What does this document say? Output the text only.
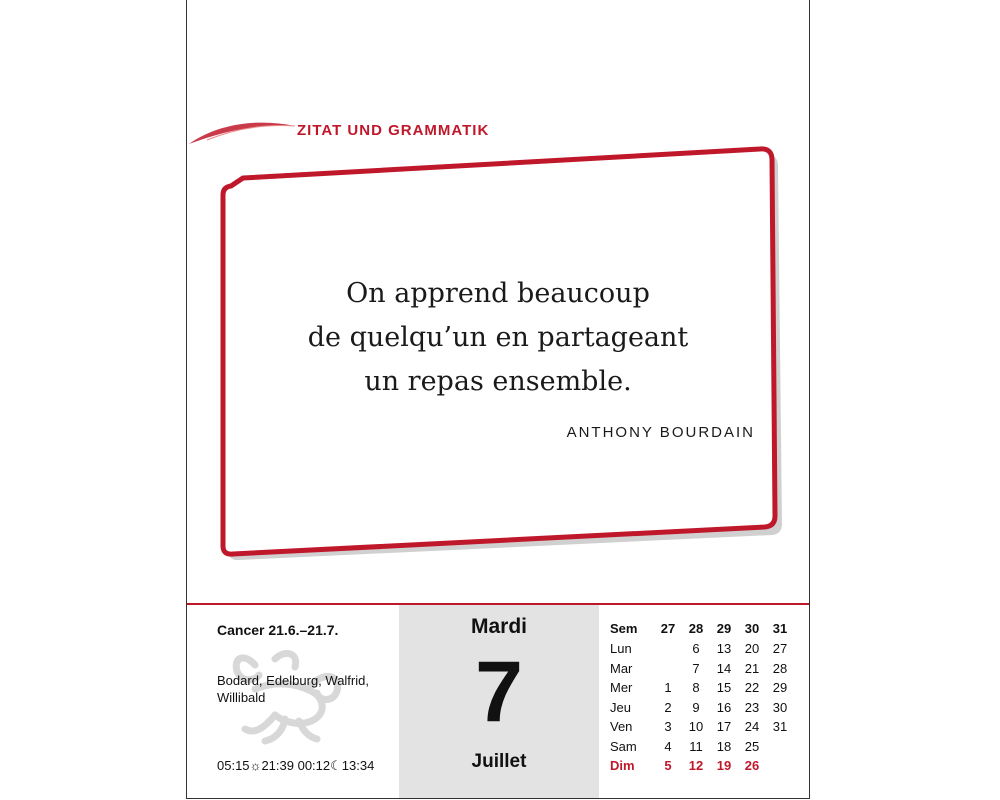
ZITAT UND GRAMMATIK
On apprend beaucoup
de quelqu’un en partageant
un repas ensemble.
ANTHONY BOURDAIN
Cancer 21.6.–21.7.
Bodard, Edelburg, Walfrid, Willibald
05:15☼21:39 00:12☾13:34
Mardi
7
Juillet
Sem	27	28	29	30	31
Lun		6	13	20	27
Mar		7	14	21	28
Mer	1	8	15	22	29
Jeu	2	9	16	23	30
Ven	3	10	17	24	31
Sam	4	11	18	25	
Dim	5	12	19	26	
